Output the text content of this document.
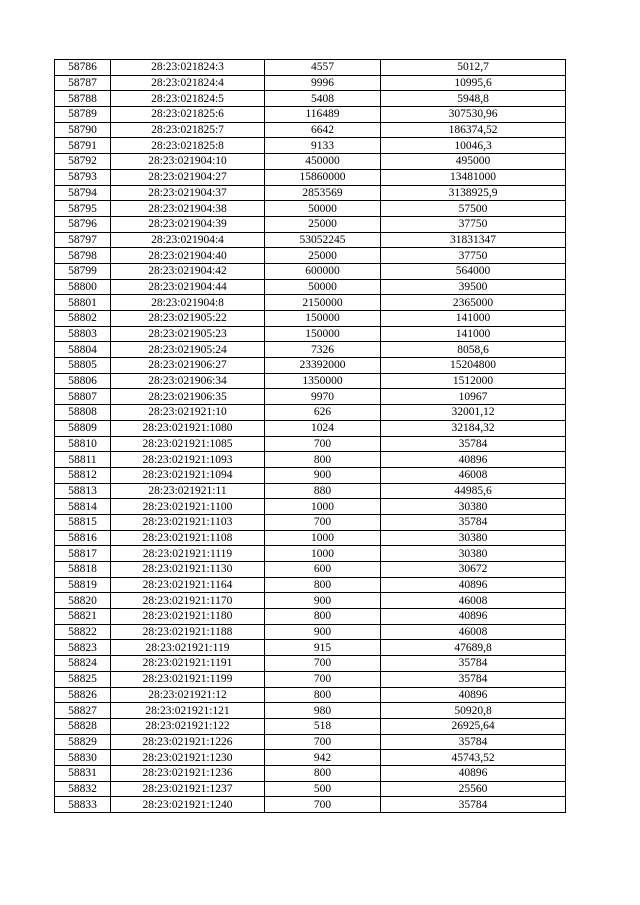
58786	28:23:021824:3	4557	5012,7
58787	28:23:021824:4	9996	10995,6
58788	28:23:021824:5	5408	5948,8
58789	28:23:021825:6	116489	307530,96
58790	28:23:021825:7	6642	186374,52
58791	28:23:021825:8	9133	10046,3
58792	28:23:021904:10	450000	495000
58793	28:23:021904:27	15860000	13481000
58794	28:23:021904:37	2853569	3138925,9
58795	28:23:021904:38	50000	57500
58796	28:23:021904:39	25000	37750
58797	28:23:021904:4	53052245	31831347
58798	28:23:021904:40	25000	37750
58799	28:23:021904:42	600000	564000
58800	28:23:021904:44	50000	39500
58801	28:23:021904:8	2150000	2365000
58802	28:23:021905:22	150000	141000
58803	28:23:021905:23	150000	141000
58804	28:23:021905:24	7326	8058,6
58805	28:23:021906:27	23392000	15204800
58806	28:23:021906:34	1350000	1512000
58807	28:23:021906:35	9970	10967
58808	28:23:021921:10	626	32001,12
58809	28:23:021921:1080	1024	32184,32
58810	28:23:021921:1085	700	35784
58811	28:23:021921:1093	800	40896
58812	28:23:021921:1094	900	46008
58813	28:23:021921:11	880	44985,6
58814	28:23:021921:1100	1000	30380
58815	28:23:021921:1103	700	35784
58816	28:23:021921:1108	1000	30380
58817	28:23:021921:1119	1000	30380
58818	28:23:021921:1130	600	30672
58819	28:23:021921:1164	800	40896
58820	28:23:021921:1170	900	46008
58821	28:23:021921:1180	800	40896
58822	28:23:021921:1188	900	46008
58823	28:23:021921:119	915	47689,8
58824	28:23:021921:1191	700	35784
58825	28:23:021921:1199	700	35784
58826	28:23:021921:12	800	40896
58827	28:23:021921:121	980	50920,8
58828	28:23:021921:122	518	26925,64
58829	28:23:021921:1226	700	35784
58830	28:23:021921:1230	942	45743,52
58831	28:23:021921:1236	800	40896
58832	28:23:021921:1237	500	25560
58833	28:23:021921:1240	700	35784
